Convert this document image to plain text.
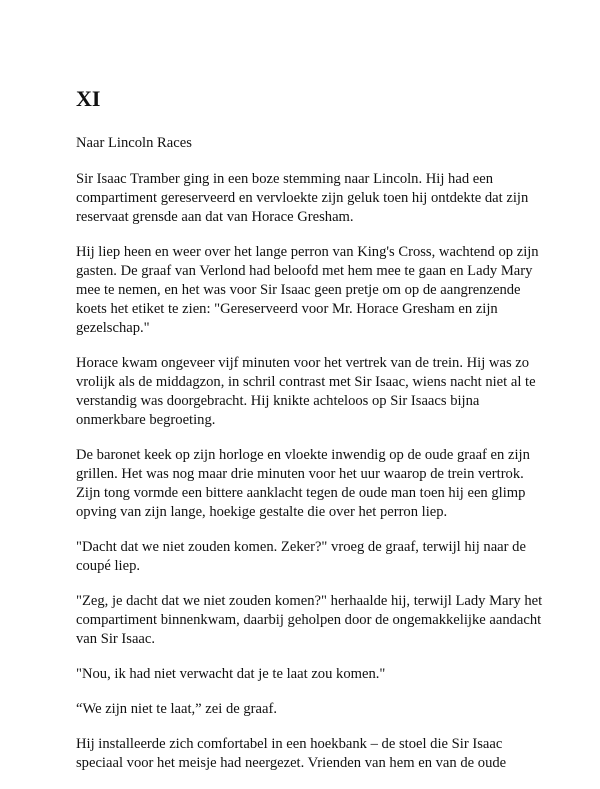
XI

Naar Lincoln Races

Sir Isaac Tramber ging in een boze stemming naar Lincoln. Hij had een compartiment gereserveerd en vervloekte zijn geluk toen hij ontdekte dat zijn reservaat grensde aan dat van Horace Gresham.

Hij liep heen en weer over het lange perron van King's Cross, wachtend op zijn gasten. De graaf van Verlond had beloofd met hem mee te gaan en Lady Mary mee te nemen, en het was voor Sir Isaac geen pretje om op de aangrenzende koets het etiket te zien: "Gereserveerd voor Mr. Horace Gresham en zijn gezelschap."

Horace kwam ongeveer vijf minuten voor het vertrek van de trein. Hij was zo vrolijk als de middagzon, in schril contrast met Sir Isaac, wiens nacht niet al te verstandig was doorgebracht. Hij knikte achteloos op Sir Isaacs bijna onmerkbare begroeting.

De baronet keek op zijn horloge en vloekte inwendig op de oude graaf en zijn grillen. Het was nog maar drie minuten voor het uur waarop de trein vertrok. Zijn tong vormde een bittere aanklacht tegen de oude man toen hij een glimp opving van zijn lange, hoekige gestalte die over het perron liep.

"Dacht dat we niet zouden komen. Zeker?" vroeg de graaf, terwijl hij naar de coupé liep.

"Zeg, je dacht dat we niet zouden komen?" herhaalde hij, terwijl Lady Mary het compartiment binnenkwam, daarbij geholpen door de ongemakkelijke aandacht van Sir Isaac.

"Nou, ik had niet verwacht dat je te laat zou komen."

“We zijn niet te laat,” zei de graaf.

Hij installeerde zich comfortabel in een hoekbank – de stoel die Sir Isaac speciaal voor het meisje had neergezet. Vrienden van hem en van de oude
